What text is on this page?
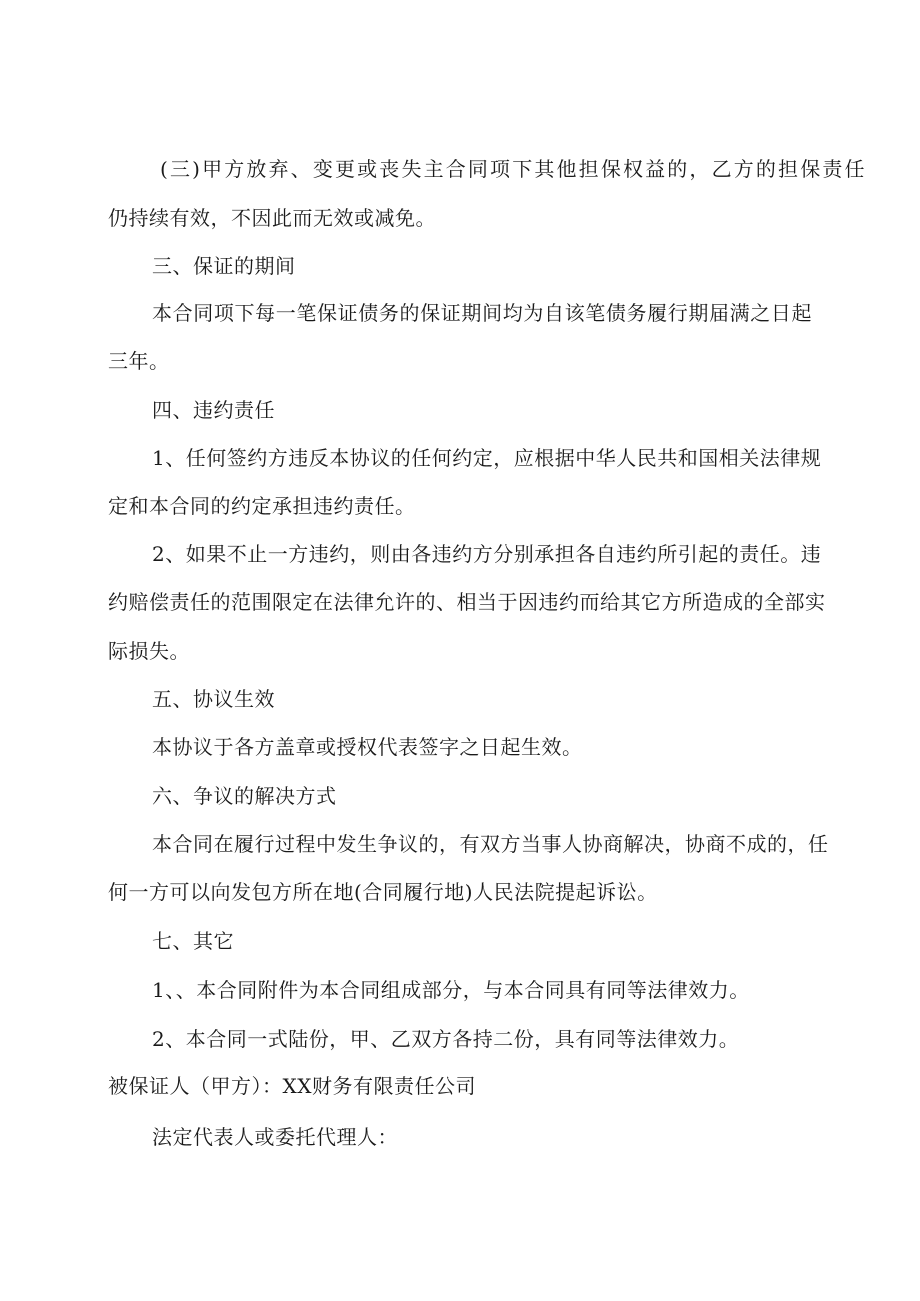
(三)甲方放弃、变更或丧失主合同项下其他担保权益的，乙方的担保责任
仍持续有效，不因此而无效或减免。
三、保证的期间
本合同项下每一笔保证债务的保证期间均为自该笔债务履行期届满之日起
三年。
四、违约责任
1、任何签约方违反本协议的任何约定，应根据中华人民共和国相关法律规
定和本合同的约定承担违约责任。
2、如果不止一方违约，则由各违约方分别承担各自违约所引起的责任。违
约赔偿责任的范围限定在法律允许的、相当于因违约而给其它方所造成的全部实
际损失。
五、协议生效
本协议于各方盖章或授权代表签字之日起生效。
六、争议的解决方式
本合同在履行过程中发生争议的，有双方当事人协商解决，协商不成的，任
何一方可以向发包方所在地(合同履行地)人民法院提起诉讼。
七、其它
1、、本合同附件为本合同组成部分，与本合同具有同等法律效力。
2、本合同一式陆份，甲、乙双方各持二份，具有同等法律效力。
被保证人（甲方）：XX财务有限责任公司
法定代表人或委托代理人：
